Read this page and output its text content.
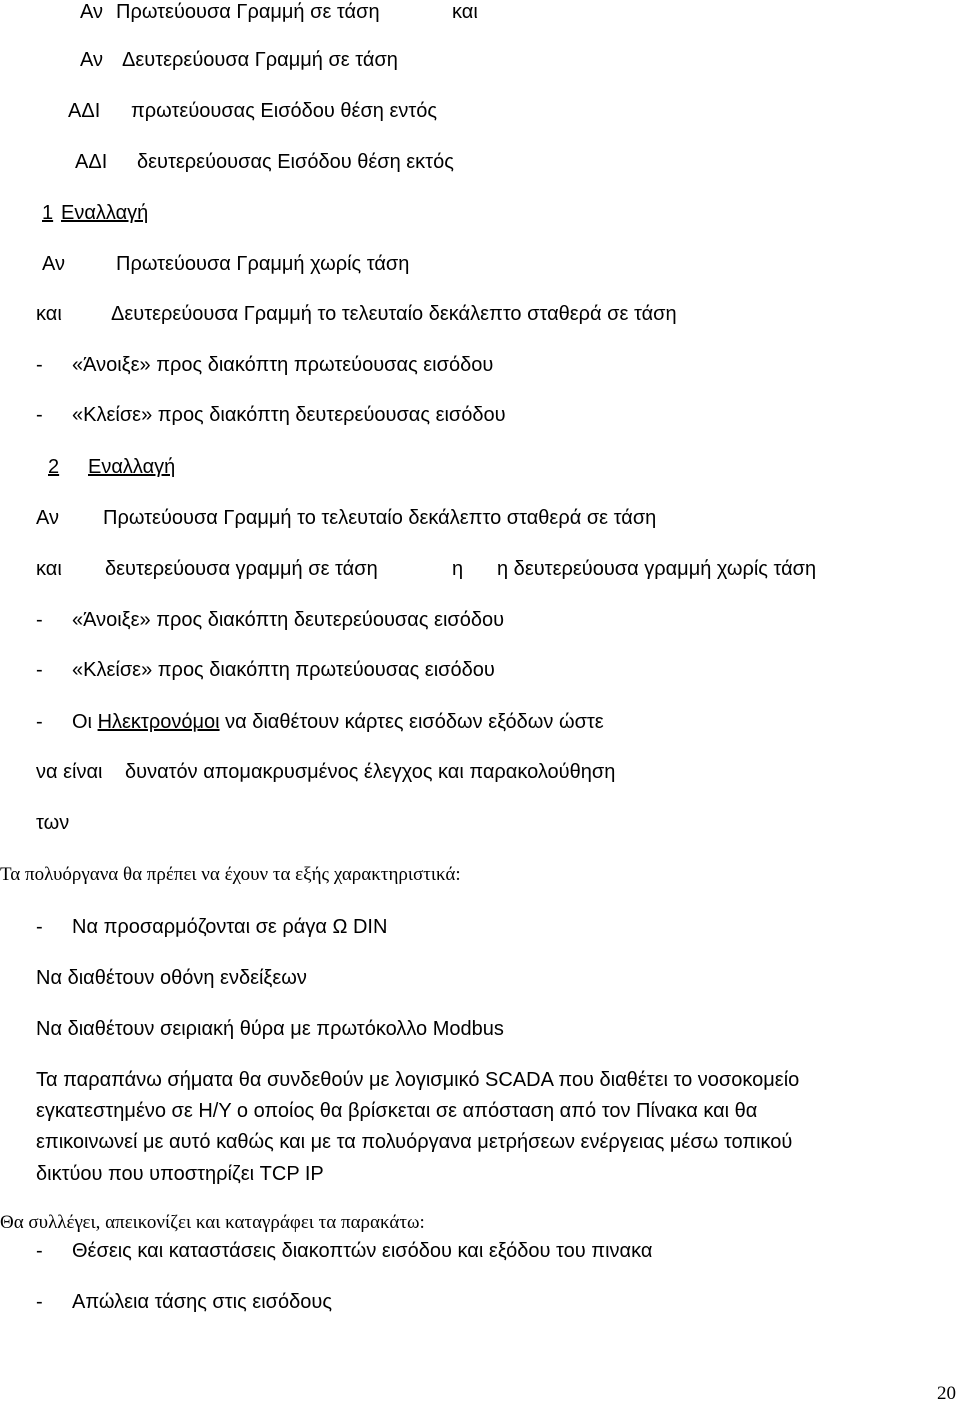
Αν Πρωτεύουσα Γραμμή σε τάση	και
Αν Δευτερεύουσα Γραμμή σε τάση
ΑΔΙ πρωτεύουσας Εισόδου θέση εντός
ΑΔΙ δευτερεύουσας Εισόδου θέση εκτός
1 Εναλλαγή
Αν	Πρωτεύουσα Γραμμή χωρίς τάση
και Δευτερεύουσα Γραμμή το τελευταίο δεκάλεπτο σταθερά σε τάση
- «Άνοιξε» προς διακόπτη πρωτεύουσας εισόδου
- «Κλείσε» προς διακόπτη δευτερεύουσας εισόδου
2	Εναλλαγή
Αν Πρωτεύουσα Γραμμή το τελευταίο δεκάλεπτο σταθερά σε τάση
και δευτερεύουσα γραμμή σε τάση	η η δευτερεύουσα γραμμή χωρίς τάση
- «Άνοιξε» προς διακόπτη δευτερεύουσας εισόδου
- «Κλείσε» προς διακόπτη πρωτεύουσας εισόδου
- Οι Ηλεκτρονόμοι να διαθέτουν κάρτες εισόδων εξόδων ώστε
να είναι δυνατόν απομακρυσμένος έλεγχος και παρακολούθηση
των
Τα πολυόργανα θα πρέπει να έχουν τα εξής χαρακτηριστικά:
- Να προσαρμόζονται σε ράγα Ω DIN
Να διαθέτουν οθόνη ενδείξεων
Να διαθέτουν σειριακή θύρα με πρωτόκολλο Modbus
Τα παραπάνω σήματα θα συνδεθούν με λογισμικό SCADA που διαθέτει το νοσοκομείο
εγκατεστημένο σε Η/Υ ο οποίος θα βρίσκεται σε απόσταση από τον Πίνακα και θα
επικοινωνεί με αυτό καθώς και με τα πολυόργανα μετρήσεων ενέργειας μέσω τοπικού
δικτύου που υποστηρίζει TCP IP
Θα συλλέγει, απεικονίζει και καταγράφει τα παρακάτω:
- Θέσεις και καταστάσεις διακοπτών εισόδου και εξόδου του πινακα
- Απώλεια τάσης στις εισόδους
20
